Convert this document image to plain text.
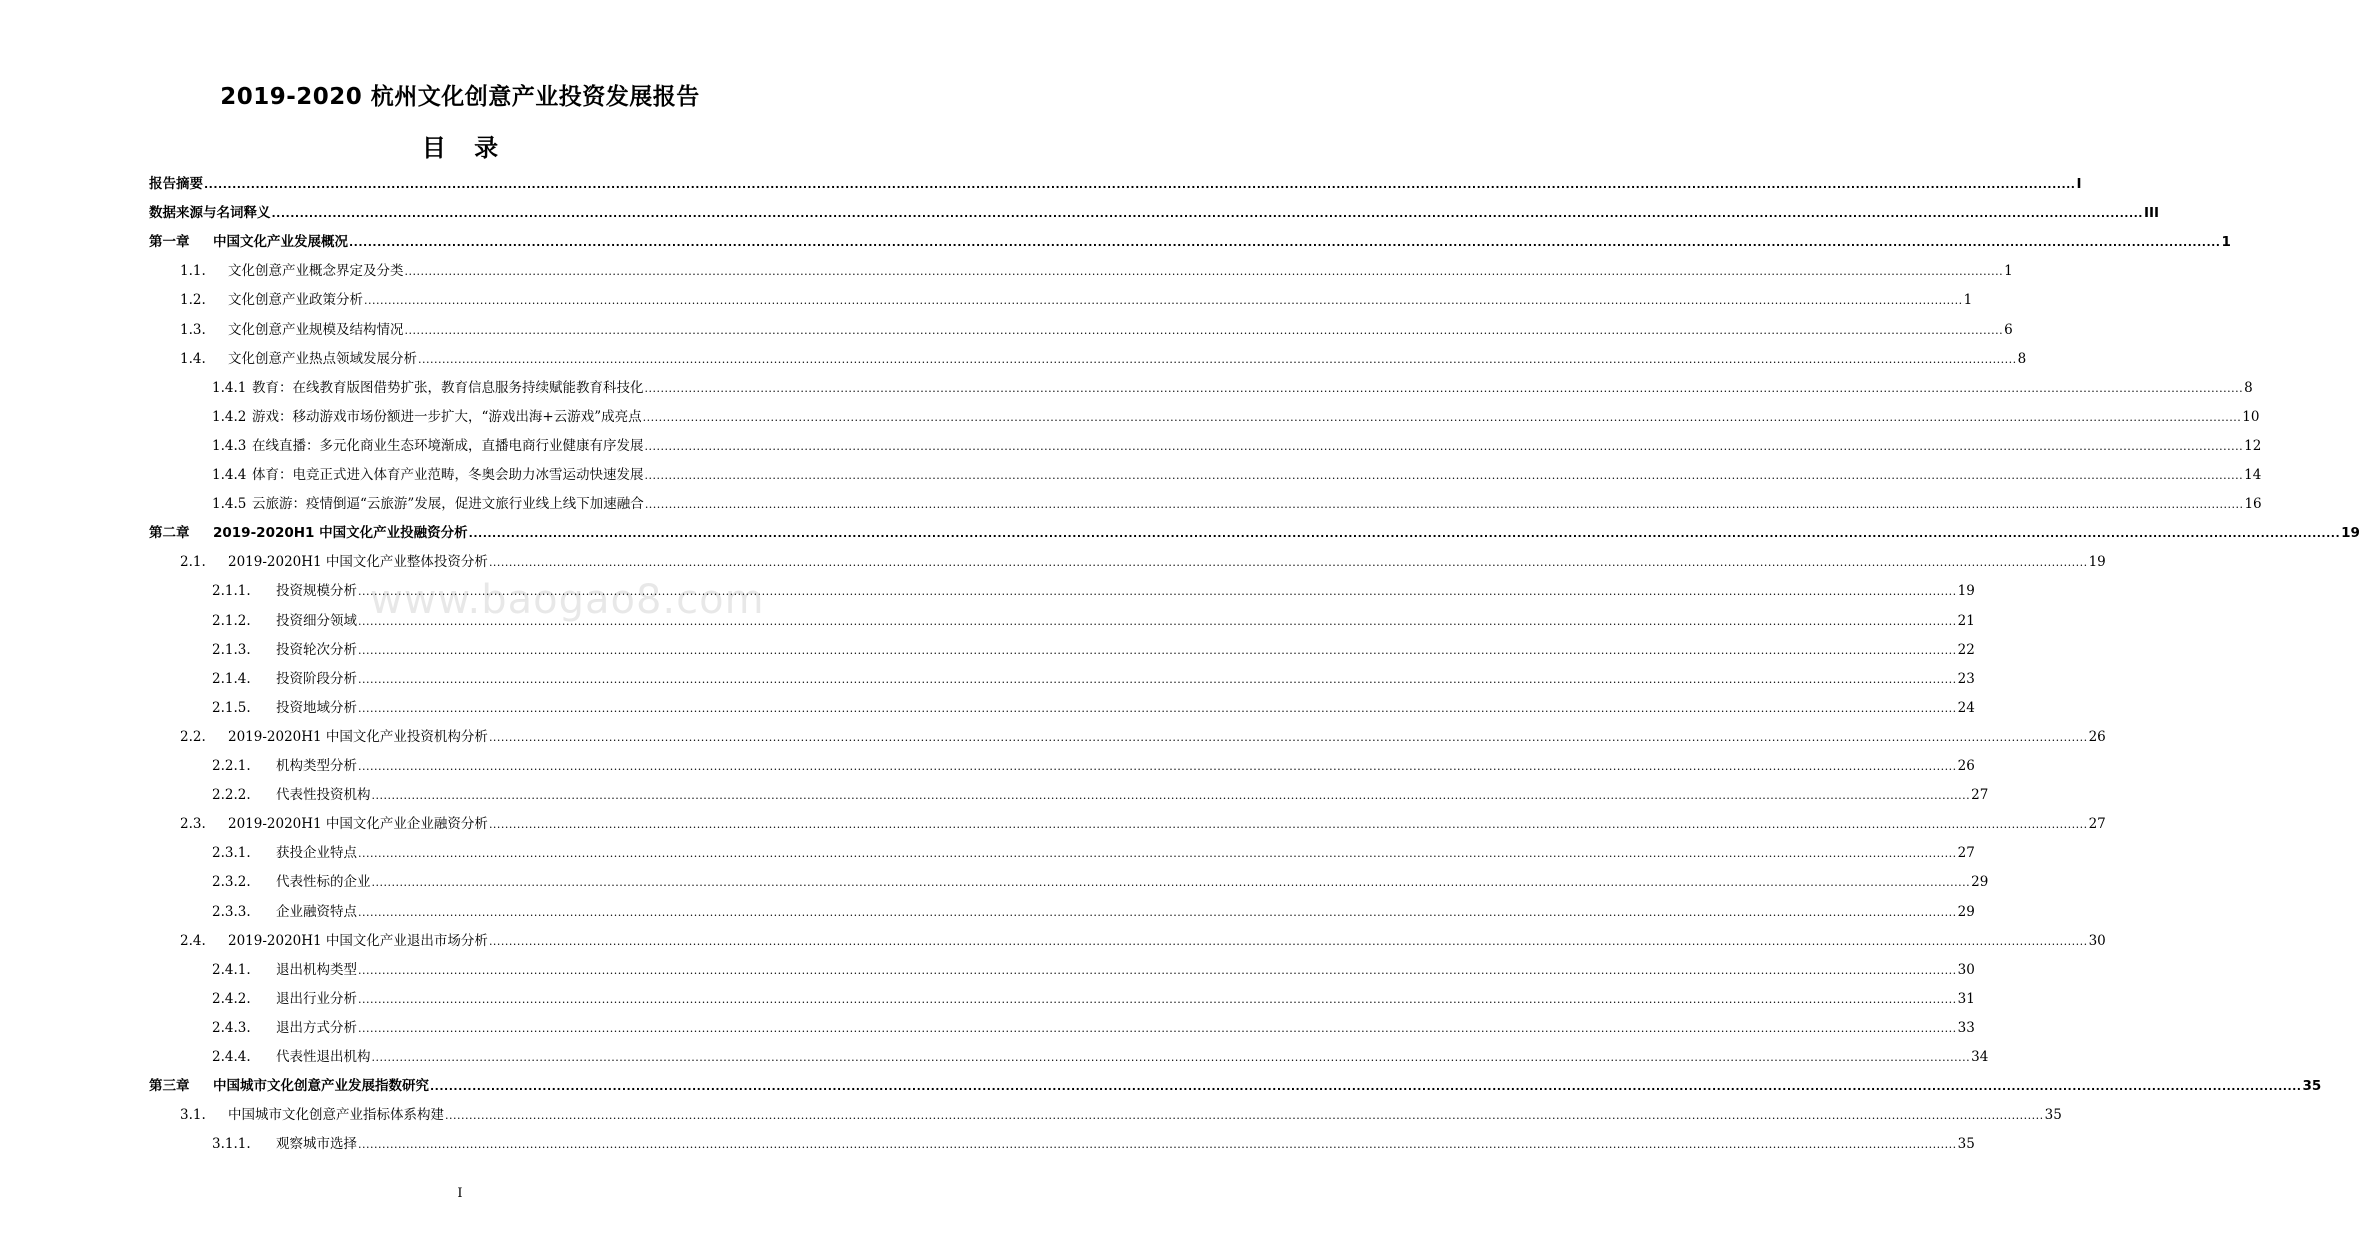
2019-2020 杭州文化创意产业投资发展报告
目 录
报告摘要 ................................................................................................................................................................................................................................................................................................................................................................................................................ I
数据来源与名词释义 ................................................................................................................................................................................................................................................................................................................................................................................................................ III
第一章 中国文化产业发展概况 ................................................................................................................................................................................................................................................................................................................................................................................................................ 1
1.1. 文化创意产业概念界定及分类 ................................................................................................................................................................................................................................................................................................................................................................................................................ 1
1.2. 文化创意产业政策分析 ................................................................................................................................................................................................................................................................................................................................................................................................................ 1
1.3. 文化创意产业规模及结构情况 ................................................................................................................................................................................................................................................................................................................................................................................................................ 6
1.4. 文化创意产业热点领域发展分析 ................................................................................................................................................................................................................................................................................................................................................................................................................ 8
1.4.1 教育：在线教育版图借势扩张，教育信息服务持续赋能教育科技化 ................................................................................................................................................................................................................................................................................................................................................................................................................ 8
1.4.2 游戏：移动游戏市场份额进一步扩大，“游戏出海+云游戏”成亮点 ................................................................................................................................................................................................................................................................................................................................................................................................................ 10
1.4.3 在线直播：多元化商业生态环境渐成，直播电商行业健康有序发展 ................................................................................................................................................................................................................................................................................................................................................................................................................ 12
1.4.4 体育：电竞正式进入体育产业范畴，冬奥会助力冰雪运动快速发展 ................................................................................................................................................................................................................................................................................................................................................................................................................ 14
1.4.5 云旅游：疫情倒逼“云旅游”发展，促进文旅行业线上线下加速融合 ................................................................................................................................................................................................................................................................................................................................................................................................................ 16
第二章 2019-2020H1 中国文化产业投融资分析 ................................................................................................................................................................................................................................................................................................................................................................................................................ 19
2.1. 2019-2020H1 中国文化产业整体投资分析 ................................................................................................................................................................................................................................................................................................................................................................................................................ 19
2.1.1. 投资规模分析 ................................................................................................................................................................................................................................................................................................................................................................................................................ 19
2.1.2. 投资细分领域 ................................................................................................................................................................................................................................................................................................................................................................................................................ 21
2.1.3. 投资轮次分析 ................................................................................................................................................................................................................................................................................................................................................................................................................ 22
2.1.4. 投资阶段分析 ................................................................................................................................................................................................................................................................................................................................................................................................................ 23
2.1.5. 投资地域分析 ................................................................................................................................................................................................................................................................................................................................................................................................................ 24
2.2. 2019-2020H1 中国文化产业投资机构分析 ................................................................................................................................................................................................................................................................................................................................................................................................................ 26
2.2.1. 机构类型分析 ................................................................................................................................................................................................................................................................................................................................................................................................................ 26
2.2.2. 代表性投资机构 ................................................................................................................................................................................................................................................................................................................................................................................................................ 27
2.3. 2019-2020H1 中国文化产业企业融资分析 ................................................................................................................................................................................................................................................................................................................................................................................................................ 27
2.3.1. 获投企业特点 ................................................................................................................................................................................................................................................................................................................................................................................................................ 27
2.3.2. 代表性标的企业 ................................................................................................................................................................................................................................................................................................................................................................................................................ 29
2.3.3. 企业融资特点 ................................................................................................................................................................................................................................................................................................................................................................................................................ 29
2.4. 2019-2020H1 中国文化产业退出市场分析 ................................................................................................................................................................................................................................................................................................................................................................................................................ 30
2.4.1. 退出机构类型 ................................................................................................................................................................................................................................................................................................................................................................................................................ 30
2.4.2. 退出行业分析 ................................................................................................................................................................................................................................................................................................................................................................................................................ 31
2.4.3. 退出方式分析 ................................................................................................................................................................................................................................................................................................................................................................................................................ 33
2.4.4. 代表性退出机构 ................................................................................................................................................................................................................................................................................................................................................................................................................ 34
第三章 中国城市文化创意产业发展指数研究 ................................................................................................................................................................................................................................................................................................................................................................................................................ 35
3.1. 中国城市文化创意产业指标体系构建 ................................................................................................................................................................................................................................................................................................................................................................................................................ 35
3.1.1. 观察城市选择 ................................................................................................................................................................................................................................................................................................................................................................................................................ 35
www.baogao8.com
I
